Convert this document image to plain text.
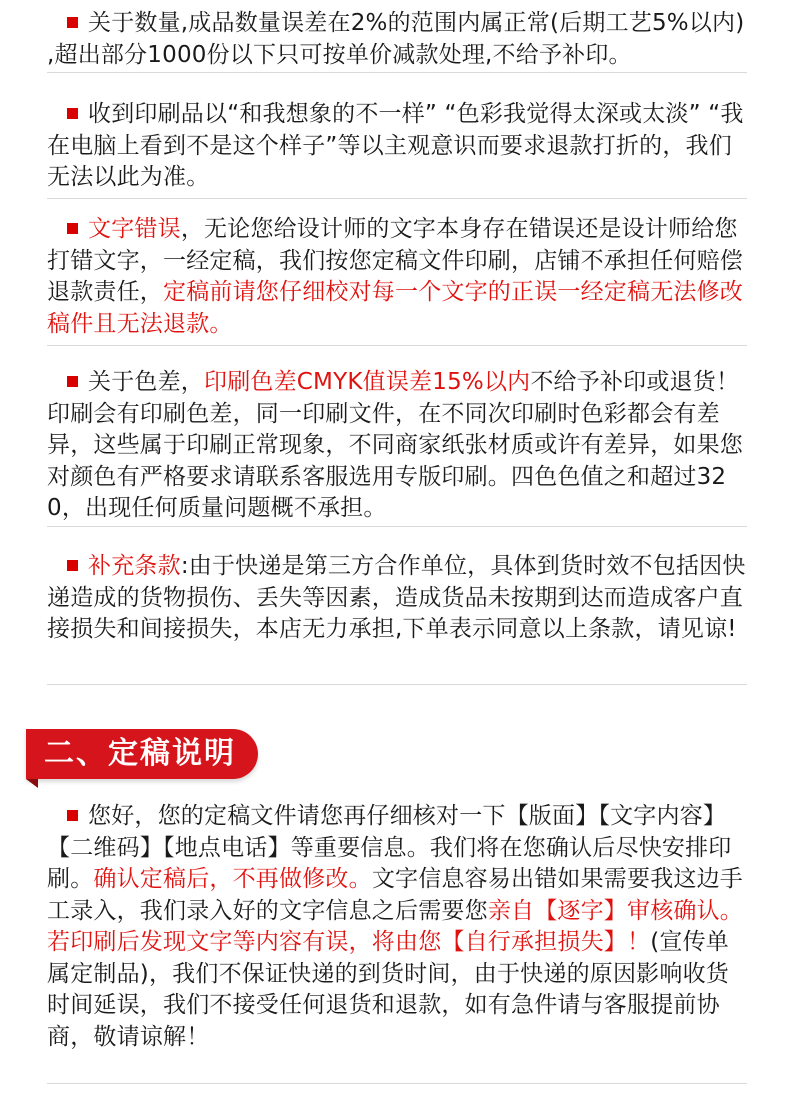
关于数量,成品数量误差在2%的范围内属正常(后期工艺5%以内) ,超出部分1000份以下只可按单价减款处理,不给予补印。
收到印刷品以“和我想象的不一样” “色彩我觉得太深或太淡” “我在电脑上看到不是这个样子”等以主观意识而要求退款打折的，我们无法以此为准。
文字错误，无论您给设计师的文字本身存在错误还是设计师给您打错文字，一经定稿，我们按您定稿文件印刷，店铺不承担任何赔偿退款责任，定稿前请您仔细校对每一个文字的正误一经定稿无法修改稿件且无法退款。
关于色差，印刷色差CMYK值误差15%以内不给予补印或退货！印刷会有印刷色差，同一印刷文件，在不同次印刷时色彩都会有差异，这些属于印刷正常现象，不同商家纸张材质或许有差异，如果您对颜色有严格要求请联系客服选用专版印刷。四色色值之和超过320，出现任何质量问题概不承担。
补充条款:由于快递是第三方合作单位，具体到货时效不包括因快递造成的货物损伤、丢失等因素，造成货品未按期到达而造成客户直接损失和间接损失，本店无力承担,下单表示同意以上条款，请见谅!
二、定稿说明
您好，您的定稿文件请您再仔细核对一下【版面】【文字内容】【二维码】【地点电话】等重要信息。我们将在您确认后尽快安排印刷。确认定稿后，不再做修改。文字信息容易出错如果需要我这边手工录入，我们录入好的文字信息之后需要您亲自【逐字】审核确认。若印刷后发现文字等内容有误，将由您【自行承担损失】！(宣传单属定制品)，我们不保证快递的到货时间，由于快递的原因影响收货时间延误，我们不接受任何退货和退款，如有急件请与客服提前协商，敬请谅解！
